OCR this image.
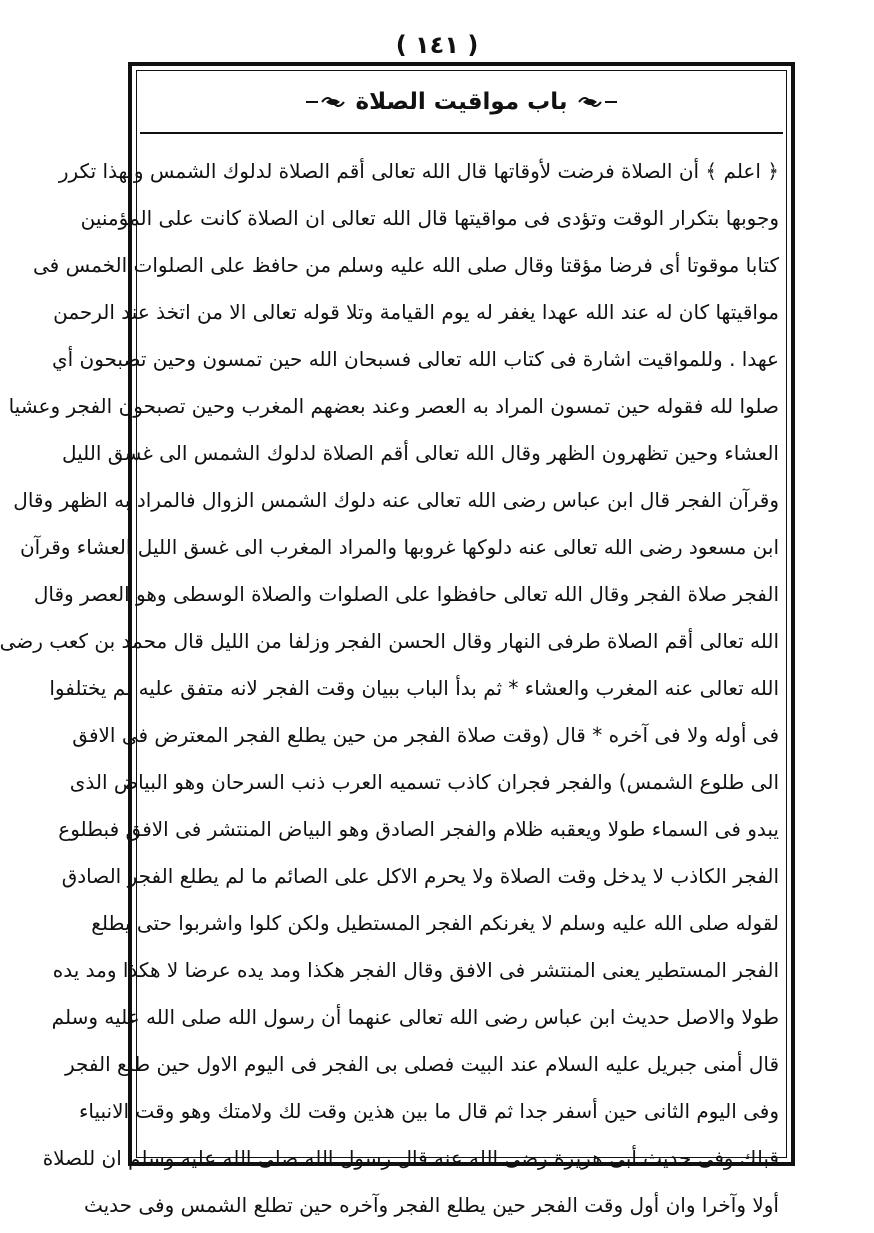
( ١٤١ )
باب مواقيت الصلاة
﴿ اعلم ﴾ أن الصلاة فرضت لأوقاتها قال الله تعالى أقم الصلاة لدلوك الشمس ولهذا تكرر
وجوبها بتكرار الوقت وتؤدى فى مواقيتها قال الله تعالى ان الصلاة كانت على المؤمنين
كتابا موقوتا أى فرضا مؤقتا وقال صلى الله عليه وسلم من حافظ على الصلوات الخمس فى
مواقيتها كان له عند الله عهدا يغفر له يوم القيامة وتلا قوله تعالى الا من اتخذ عند الرحمن
عهدا . وللمواقيت اشارة فى كتاب الله تعالى فسبحان الله حين تمسون وحين تصبحون أي
صلوا لله فقوله حين تمسون المراد به العصر وعند بعضهم المغرب وحين تصبحون الفجر وعشيا
العشاء وحين تظهرون الظهر وقال الله تعالى أقم الصلاة لدلوك الشمس الى غسق الليل
وقرآن الفجر قال ابن عباس رضى الله تعالى عنه دلوك الشمس الزوال فالمراد به الظهر وقال
ابن مسعود رضى الله تعالى عنه دلوكها غروبها والمراد المغرب الى غسق الليل العشاء وقرآن
الفجر صلاة الفجر وقال الله تعالى حافظوا على الصلوات والصلاة الوسطى وهو العصر وقال
الله تعالى أقم الصلاة طرفى النهار وقال الحسن الفجر وزلفا من الليل قال محمد بن كعب رضى
الله تعالى عنه المغرب والعشاء * ثم بدأ الباب ببيان وقت الفجر لانه متفق عليه لم يختلفوا
فى أوله ولا فى آخره * قال (وقت صلاة الفجر من حين يطلع الفجر المعترض فى الافق
الى طلوع الشمس) والفجر فجران كاذب تسميه العرب ذنب السرحان وهو البياض الذى
يبدو فى السماء طولا ويعقبه ظلام والفجر الصادق وهو البياض المنتشر فى الافق فبطلوع
الفجر الكاذب لا يدخل وقت الصلاة ولا يحرم الاكل على الصائم ما لم يطلع الفجر الصادق
لقوله صلى الله عليه وسلم لا يغرنكم الفجر المستطيل ولكن كلوا واشربوا حتى يطلع
الفجر المستطير يعنى المنتشر فى الافق وقال الفجر هكذا ومد يده عرضا لا هكذا ومد يده
طولا والاصل حديث ابن عباس رضى الله تعالى عنهما أن رسول الله صلى الله عليه وسلم
قال أمنى جبريل عليه السلام عند البيت فصلى بى الفجر فى اليوم الاول حين طلع الفجر
وفى اليوم الثانى حين أسفر جدا ثم قال ما بين هذين وقت لك ولامتك وهو وقت الانبياء
قبلك وفى حديث أبى هريرة رضى الله عنه قال رسول الله صلى الله عليه وسلم ان للصلاة
أولا وآخرا وان أول وقت الفجر حين يطلع الفجر وآخره حين تطلع الشمس وفى حديث
